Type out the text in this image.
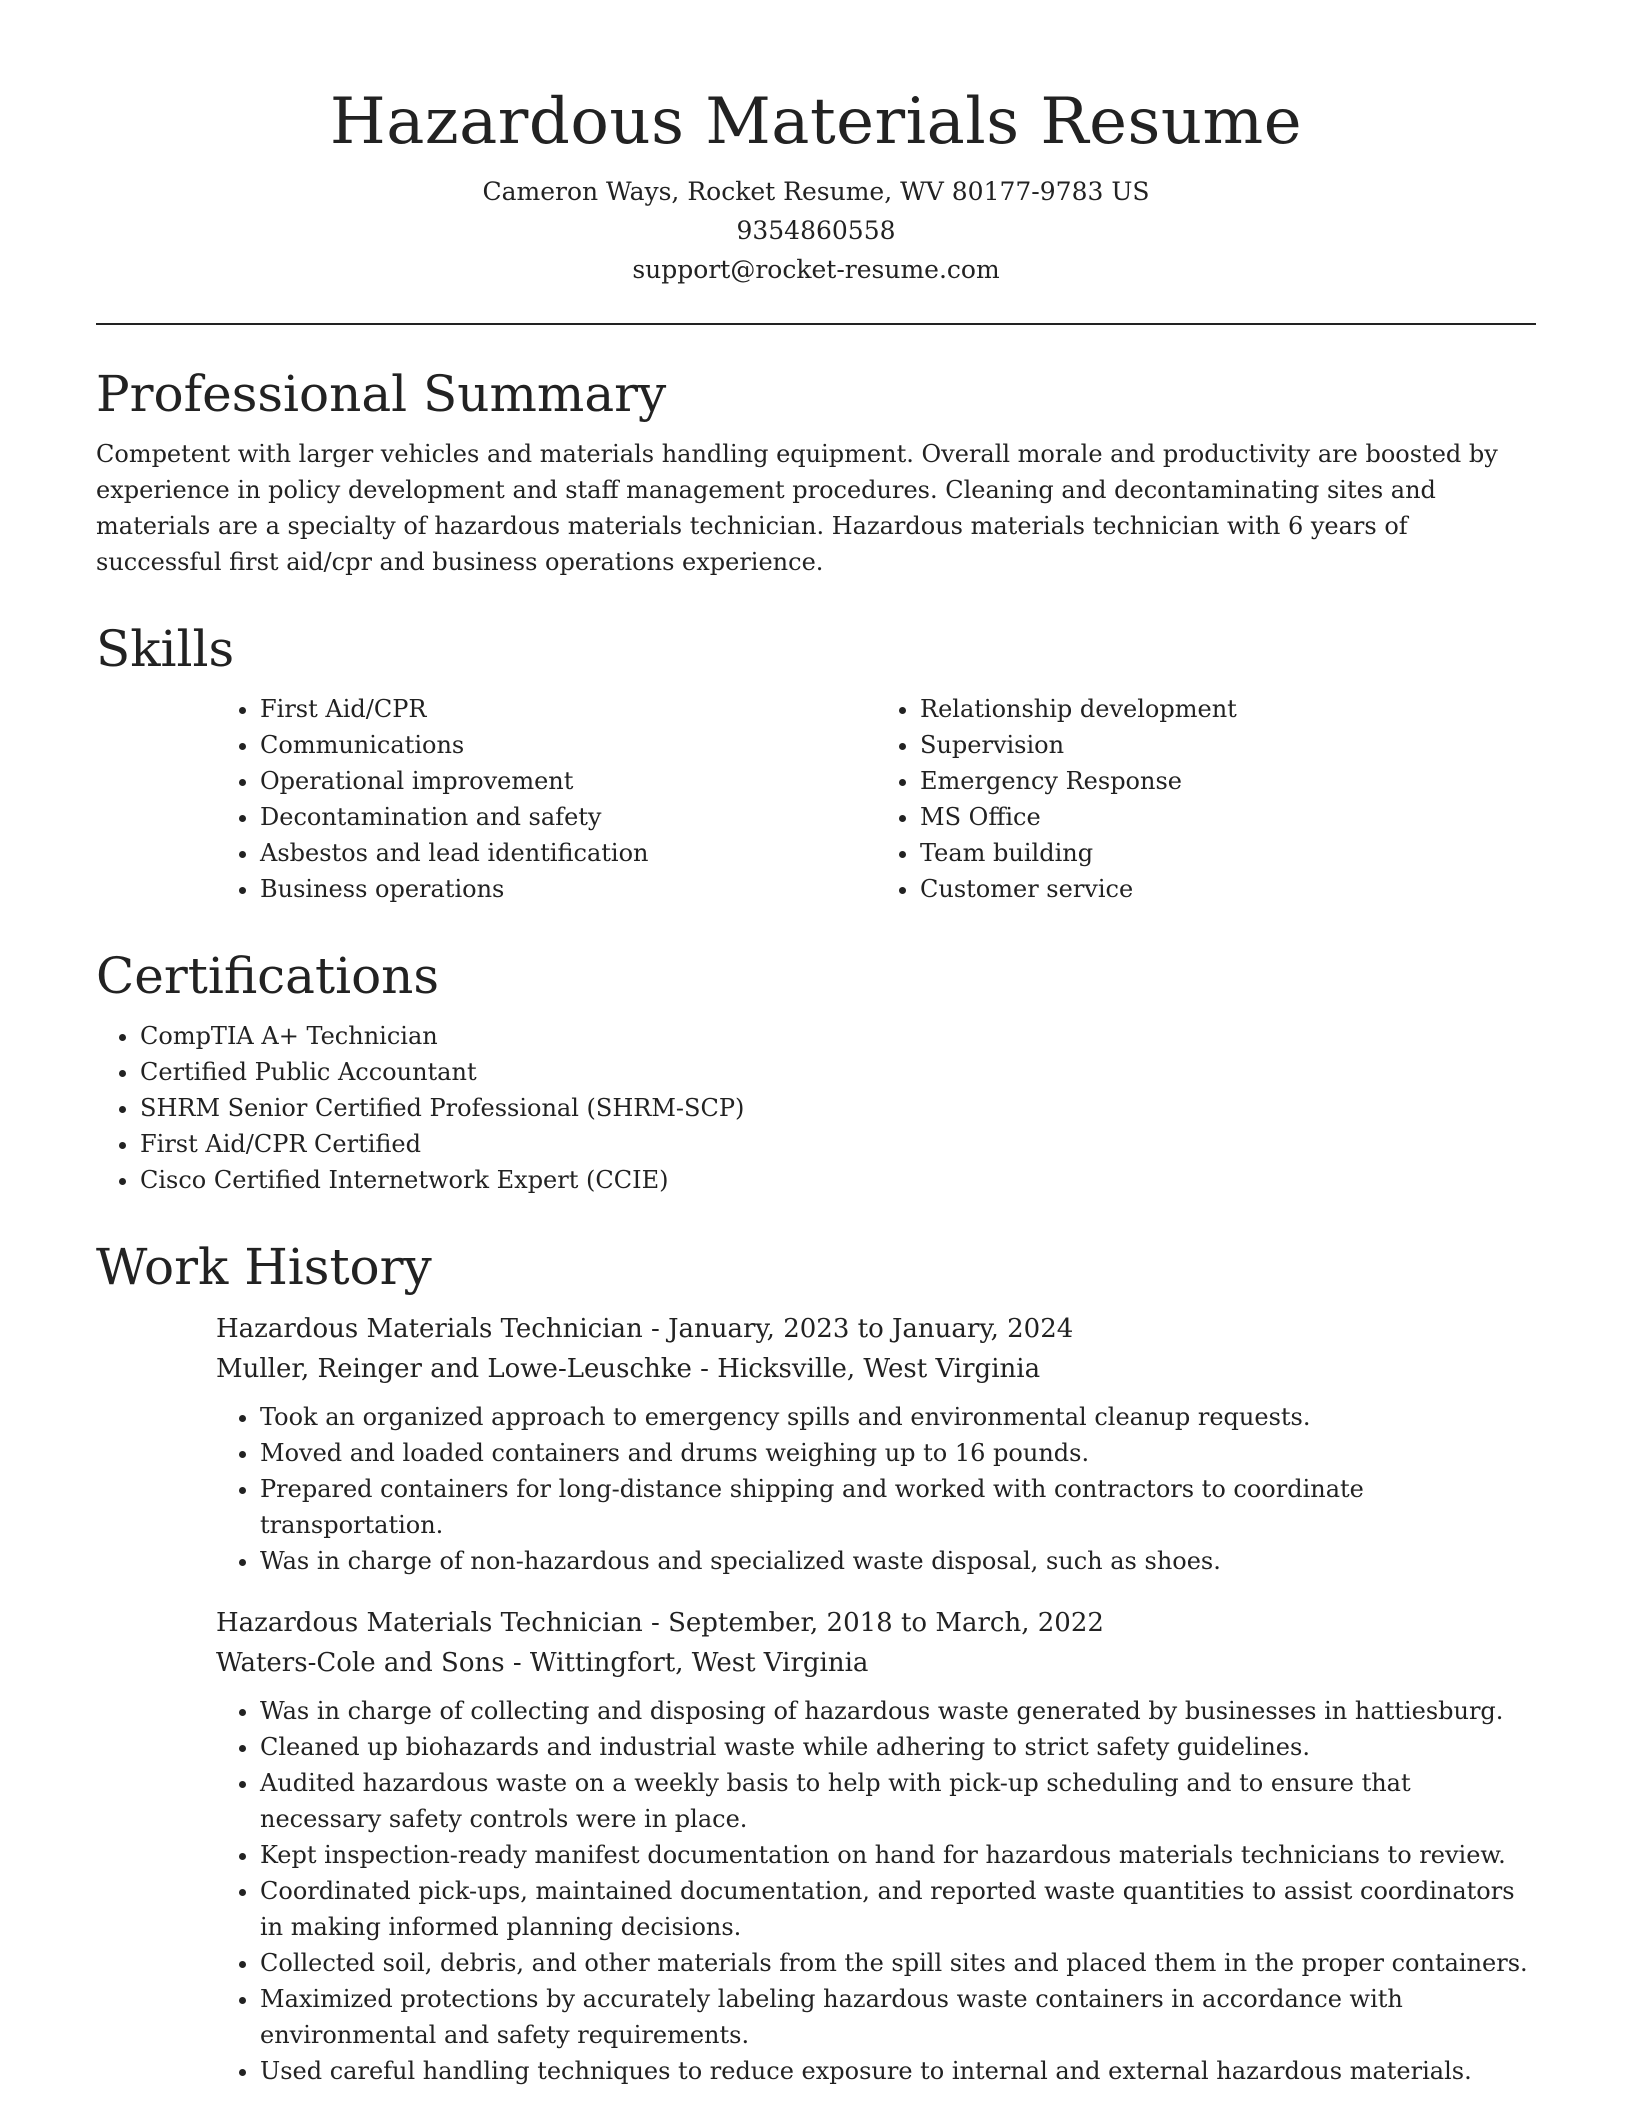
Hazardous Materials Resume
Cameron Ways, Rocket Resume, WV 80177-9783 US
9354860558
support@rocket-resume.com
Professional Summary

Competent with larger vehicles and materials handling equipment. Overall morale and productivity are boosted by experience in policy development and staff management procedures. Cleaning and decontaminating sites and materials are a specialty of hazardous materials technician. Hazardous materials technician with 6 years of successful first aid/cpr and business operations experience.

Skills
• First Aid/CPR
• Communications
• Operational improvement
• Decontamination and safety
• Asbestos and lead identification
• Business operations
• Relationship development
• Supervision
• Emergency Response
• MS Office
• Team building
• Customer service
Certifications
• CompTIA A+ Technician
• Certified Public Accountant
• SHRM Senior Certified Professional (SHRM-SCP)
• First Aid/CPR Certified
• Cisco Certified Internetwork Expert (CCIE)
Work History
Hazardous Materials Technician - January, 2023 to January, 2024
Muller, Reinger and Lowe-Leuschke - Hicksville, West Virginia
• Took an organized approach to emergency spills and environmental cleanup requests.
• Moved and loaded containers and drums weighing up to 16 pounds.
• Prepared containers for long-distance shipping and worked with contractors to coordinate transportation.
• Was in charge of non-hazardous and specialized waste disposal, such as shoes.
Hazardous Materials Technician - September, 2018 to March, 2022
Waters-Cole and Sons - Wittingfort, West Virginia
• Was in charge of collecting and disposing of hazardous waste generated by businesses in hattiesburg.
• Cleaned up biohazards and industrial waste while adhering to strict safety guidelines.
• Audited hazardous waste on a weekly basis to help with pick-up scheduling and to ensure that necessary safety controls were in place.
• Kept inspection-ready manifest documentation on hand for hazardous materials technicians to review.
• Coordinated pick-ups, maintained documentation, and reported waste quantities to assist coordinators in making informed planning decisions.
• Collected soil, debris, and other materials from the spill sites and placed them in the proper containers.
• Maximized protections by accurately labeling hazardous waste containers in accordance with environmental and safety requirements.
• Used careful handling techniques to reduce exposure to internal and external hazardous materials.
